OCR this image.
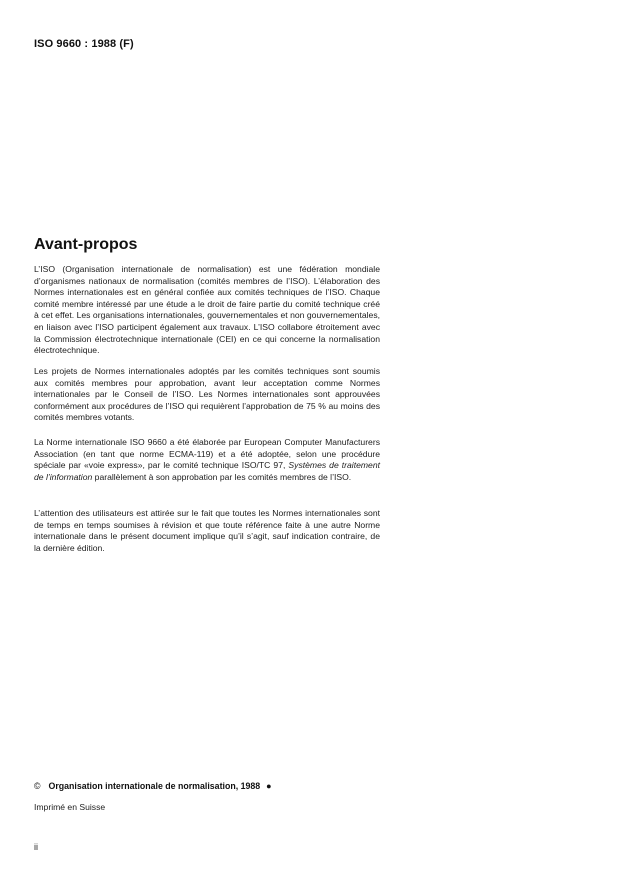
ISO 9660 : 1988 (F)
Avant-propos

L’ISO (Organisation internationale de normalisation) est une fédération mondiale d’organismes nationaux de normalisation (comités membres de l’ISO). L’élaboration des Normes internationales est en général confiée aux comités techniques de l’ISO. Chaque comité membre intéressé par une étude a le droit de faire partie du comité technique créé à cet effet. Les organisations internationales, gouvernementales et non gouvernementales, en liaison avec l’ISO participent également aux travaux. L’ISO collabore étroitement avec la Commission électrotechnique internationale (CEI) en ce qui concerne la normalisation électrotechnique.

Les projets de Normes internationales adoptés par les comités techniques sont soumis aux comités membres pour approbation, avant leur acceptation comme Normes internationales par le Conseil de l’ISO. Les Normes internationales sont approuvées conformément aux procédures de l’ISO qui requièrent l’approbation de 75 % au moins des comités membres votants.

La Norme internationale ISO 9660 a été élaborée par European Computer Manufacturers Association (en tant que norme ECMA-119) et a été adoptée, selon une procédure spéciale par «voie express», par le comité technique ISO/TC 97, Systèmes de traitement de l’information parallèlement à son approbation par les comités membres de l’ISO.

L’attention des utilisateurs est attirée sur le fait que toutes les Normes internationales sont de temps en temps soumises à révision et que toute référence faite à une autre Norme internationale dans le présent document implique qu’il s’agit, sauf indication contraire, de la dernière édition.

© Organisation internationale de normalisation, 1988 ●
Imprimé en Suisse
ii
